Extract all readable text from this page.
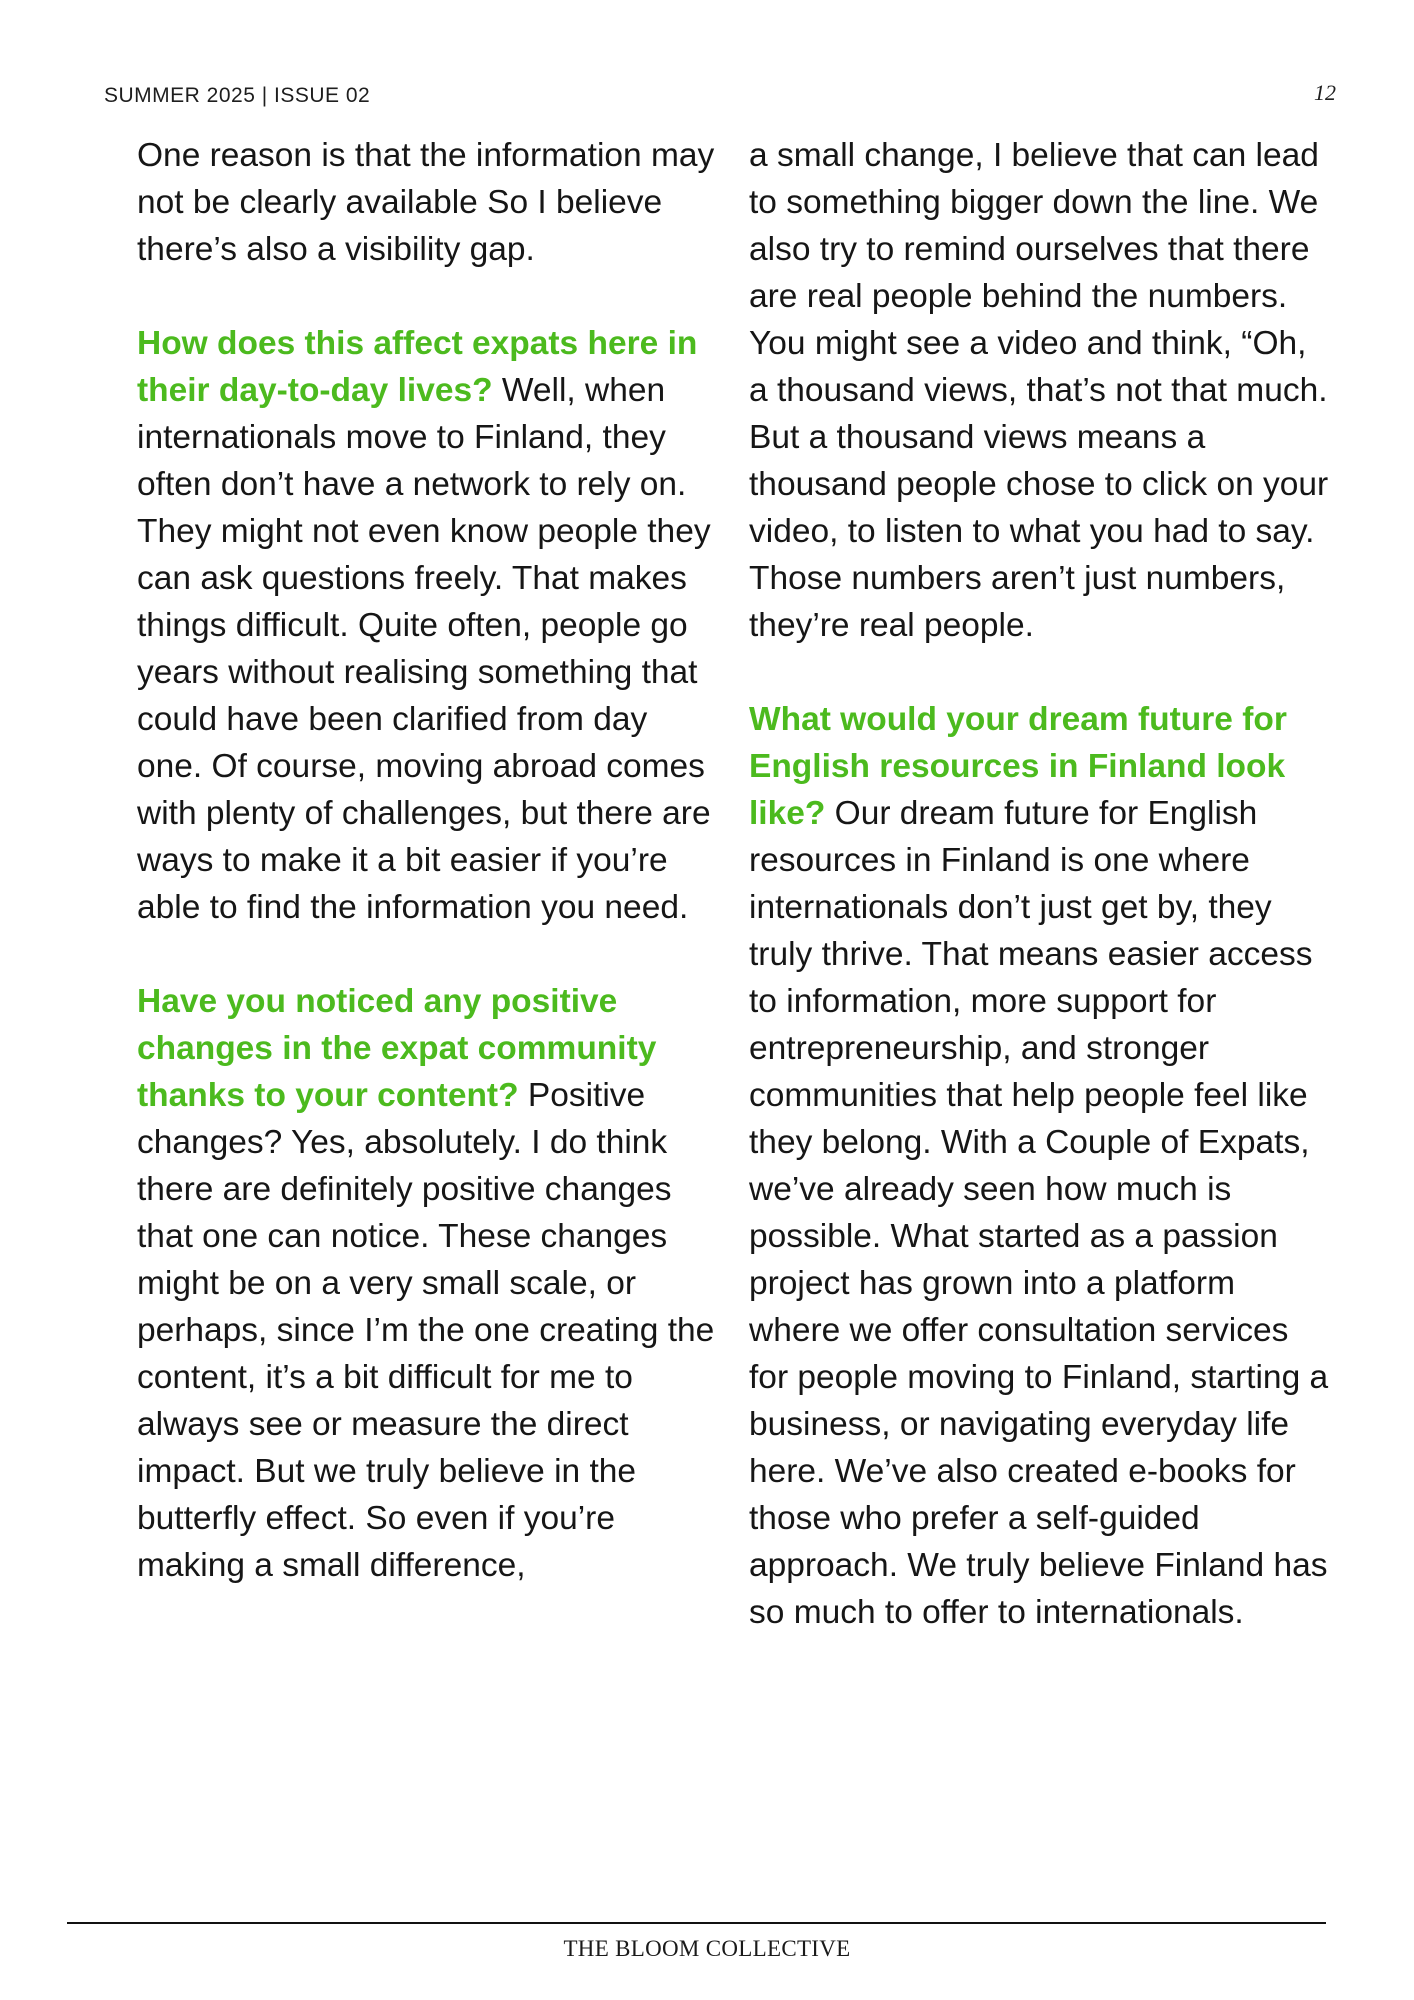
SUMMER 2025 | ISSUE 02	12

One reason is that the information may not be clearly available So I believe there’s also a visibility gap.

How does this affect expats here in their day-to-day lives? Well, when internationals move to Finland, they often don’t have a network to rely on. They might not even know people they can ask questions freely. That makes things difficult. Quite often, people go years without realising something that could have been clarified from day one. Of course, moving abroad comes with plenty of challenges, but there are ways to make it a bit easier if you’re able to find the information you need.

Have you noticed any positive changes in the expat community thanks to your content? Positive changes? Yes, absolutely. I do think there are definitely positive changes that one can notice. These changes might be on a very small scale, or perhaps, since I’m the one creating the content, it’s a bit difficult for me to always see or measure the direct impact. But we truly believe in the butterfly effect. So even if you’re making a small difference,

a small change, I believe that can lead to something bigger down the line. We also try to remind ourselves that there are real people behind the numbers. You might see a video and think, “Oh, a thousand views, that’s not that much. But a thousand views means a thousand people chose to click on your video, to listen to what you had to say. Those numbers aren’t just numbers, they’re real people.

What would your dream future for English resources in Finland look like? Our dream future for English resources in Finland is one where internationals don’t just get by, they truly thrive. That means easier access to information, more support for entrepreneurship, and stronger communities that help people feel like they belong. With a Couple of Expats, we’ve already seen how much is possible. What started as a passion project has grown into a platform where we offer consultation services for people moving to Finland, starting a business, or navigating everyday life here. We’ve also created e-books for those who prefer a self-guided approach. We truly believe Finland has so much to offer to internationals.

THE BLOOM COLLECTIVE
